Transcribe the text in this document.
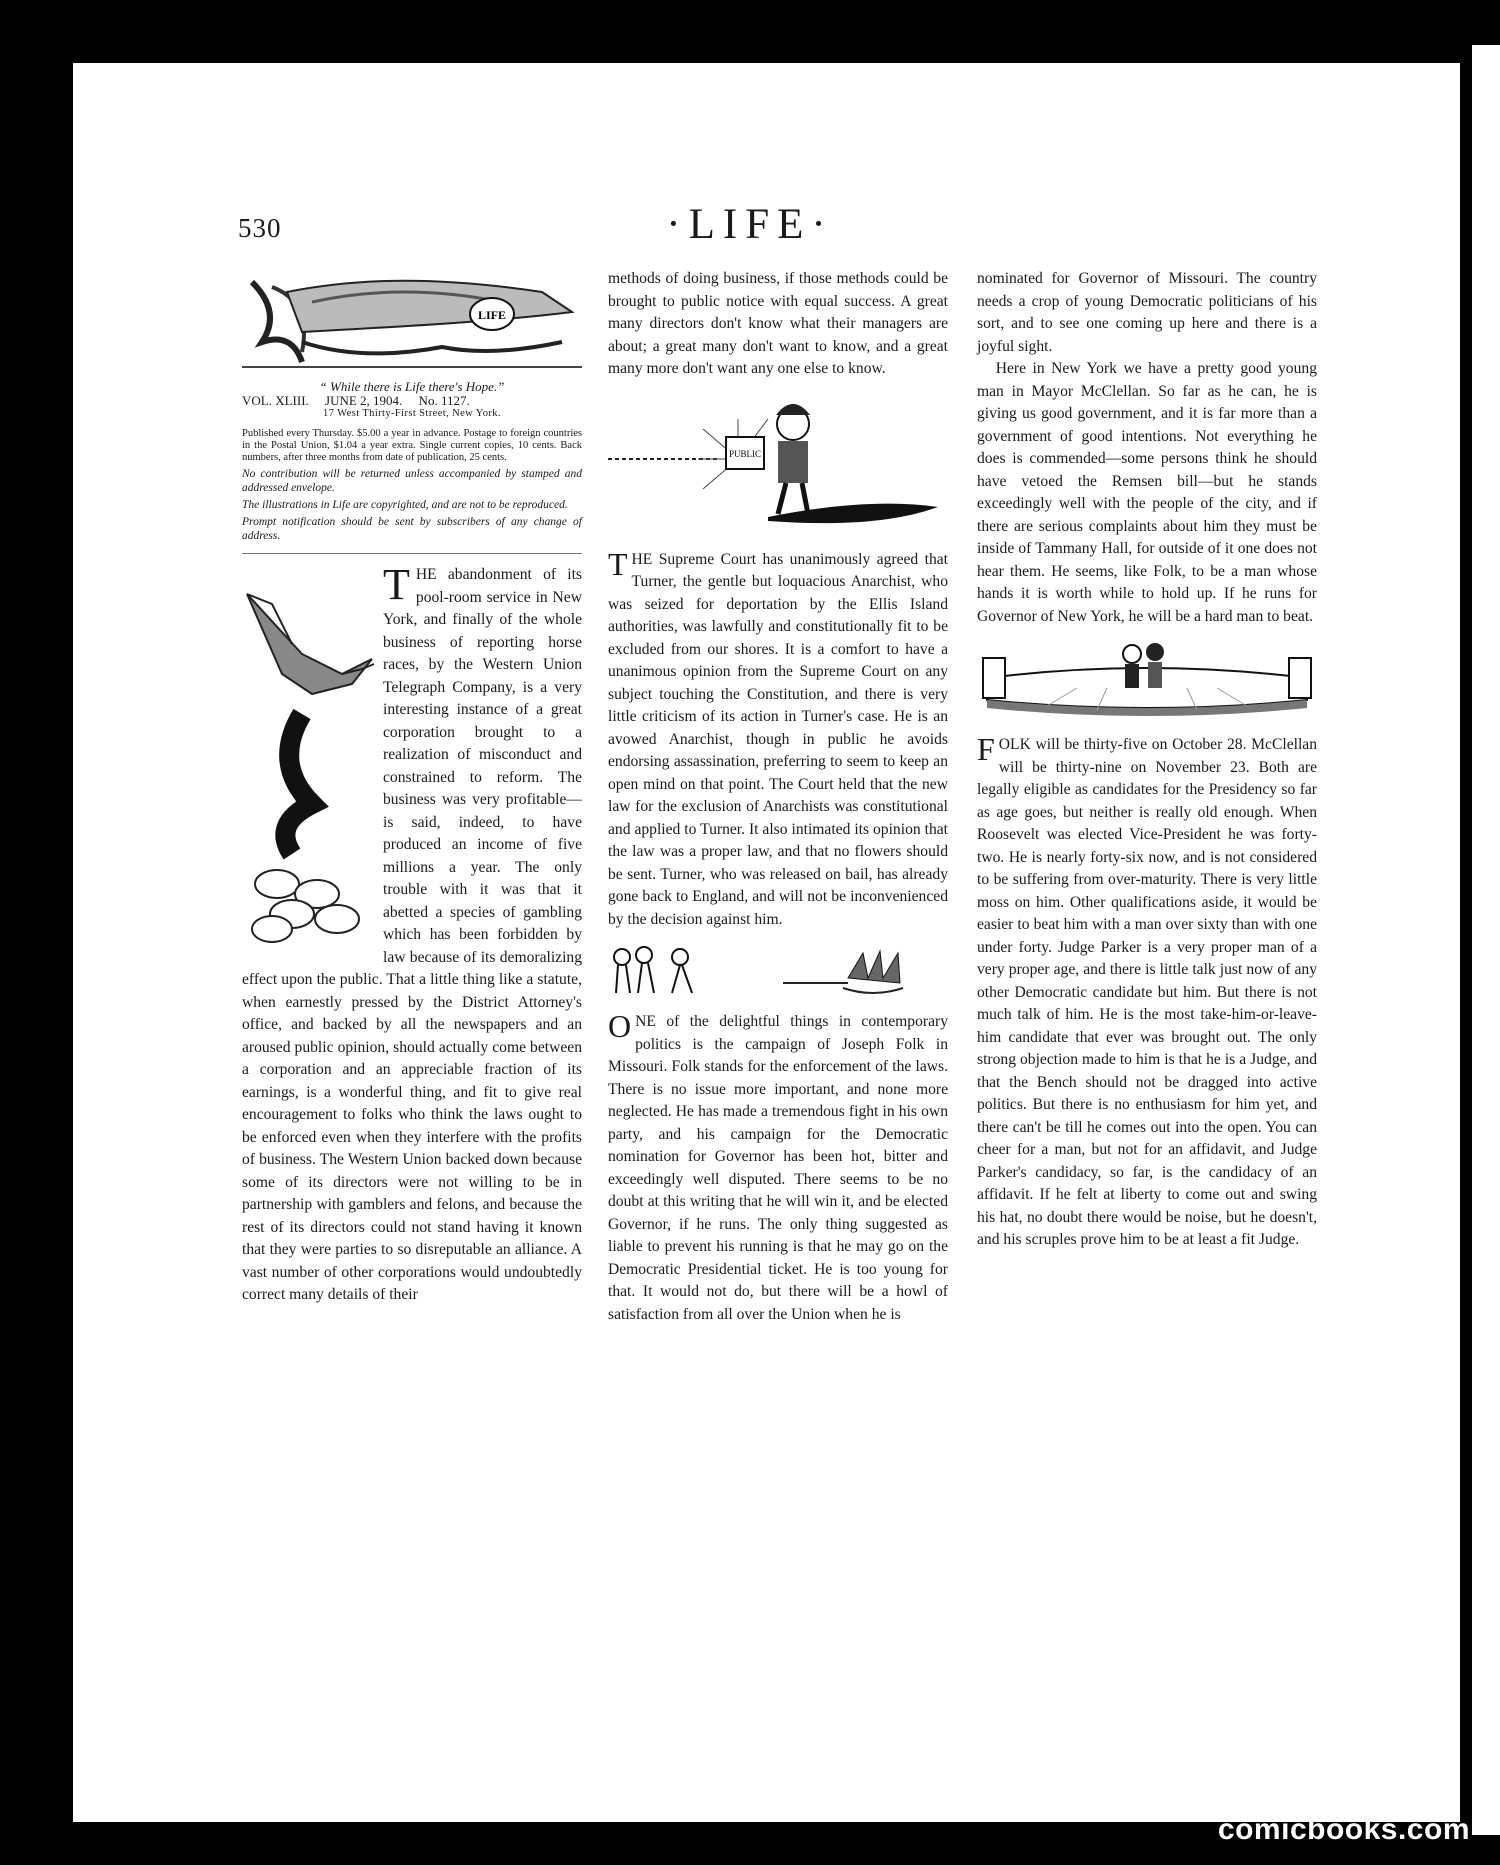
530	·LIFE·
LIFE
“ While there is Life there's Hope.”
VOL. XLIII.     JUNE 2, 1904.     No. 1127.
17 West Thirty-First Street, New York.
Published every Thursday. $5.00 a year in advance. Postage to foreign countries in the Postal Union, $1.04 a year extra. Single current copies, 10 cents. Back numbers, after three months from date of publication, 25 cents.
No contribution will be returned unless accompanied by stamped and addressed envelope.
The illustrations in Life are copyrighted, and are not to be reproduced.
Prompt notification should be sent by subscribers of any change of address.

THE abandonment of its pool-room service in New York, and finally of the whole business of reporting horse races, by the Western Union Telegraph Company, is a very interesting instance of a great corporation brought to a realization of misconduct and constrained to reform. The business was very profitable—is said, indeed, to have produced an income of five millions a year. The only trouble with it was that it abetted a species of gambling which has been forbidden by law because of its demoralizing effect upon the public. That a little thing like a statute, when earnestly pressed by the District Attorney's office, and backed by all the newspapers and an aroused public opinion, should actually come between a corporation and an appreciable fraction of its earnings, is a wonderful thing, and fit to give real encouragement to folks who think the laws ought to be enforced even when they interfere with the profits of business. The Western Union backed down because some of its directors were not willing to be in partnership with gamblers and felons, and because the rest of its directors could not stand having it known that they were parties to so disreputable an alliance. A vast number of other corporations would undoubtedly correct many details of their

methods of doing business, if those methods could be brought to public notice with equal success. A great many directors don't know what their managers are about; a great many don't want to know, and a great many more don't want any one else to know.

PUBLIC

THE Supreme Court has unanimously agreed that Turner, the gentle but loquacious Anarchist, who was seized for deportation by the Ellis Island authorities, was lawfully and constitutionally fit to be excluded from our shores. It is a comfort to have a unanimous opinion from the Supreme Court on any subject touching the Constitution, and there is very little criticism of its action in Turner's case. He is an avowed Anarchist, though in public he avoids endorsing assassination, preferring to seem to keep an open mind on that point. The Court held that the new law for the exclusion of Anarchists was constitutional and applied to Turner. It also intimated its opinion that the law was a proper law, and that no flowers should be sent. Turner, who was released on bail, has already gone back to England, and will not be inconvenienced by the decision against him.

ONE of the delightful things in contemporary politics is the campaign of Joseph Folk in Missouri. Folk stands for the enforcement of the laws. There is no issue more important, and none more neglected. He has made a tremendous fight in his own party, and his campaign for the Democratic nomination for Governor has been hot, bitter and exceedingly well disputed. There seems to be no doubt at this writing that he will win it, and be elected Governor, if he runs. The only thing suggested as liable to prevent his running is that he may go on the Democratic Presidential ticket. He is too young for that. It would not do, but there will be a howl of satisfaction from all over the Union when he is

nominated for Governor of Missouri. The country needs a crop of young Democratic politicians of his sort, and to see one coming up here and there is a joyful sight.

Here in New York we have a pretty good young man in Mayor McClellan. So far as he can, he is giving us good government, and it is far more than a government of good intentions. Not everything he does is commended—some persons think he should have vetoed the Remsen bill—but he stands exceedingly well with the people of the city, and if there are serious complaints about him they must be inside of Tammany Hall, for outside of it one does not hear them. He seems, like Folk, to be a man whose hands it is worth while to hold up. If he runs for Governor of New York, he will be a hard man to beat.

FOLK will be thirty-five on October 28. McClellan will be thirty-nine on November 23. Both are legally eligible as candidates for the Presidency so far as age goes, but neither is really old enough. When Roosevelt was elected Vice-President he was forty-two. He is nearly forty-six now, and is not considered to be suffering from over-maturity. There is very little moss on him. Other qualifications aside, it would be easier to beat him with a man over sixty than with one under forty. Judge Parker is a very proper man of a very proper age, and there is little talk just now of any other Democratic candidate but him. But there is not much talk of him. He is the most take-him-or-leave-him candidate that ever was brought out. The only strong objection made to him is that he is a Judge, and that the Bench should not be dragged into active politics. But there is no enthusiasm for him yet, and there can't be till he comes out into the open. You can cheer for a man, but not for an affidavit, and Judge Parker's candidacy, so far, is the candidacy of an affidavit. If he felt at liberty to come out and swing his hat, no doubt there would be noise, but he doesn't, and his scruples prove him to be at least a fit Judge.

comicbooks.com
